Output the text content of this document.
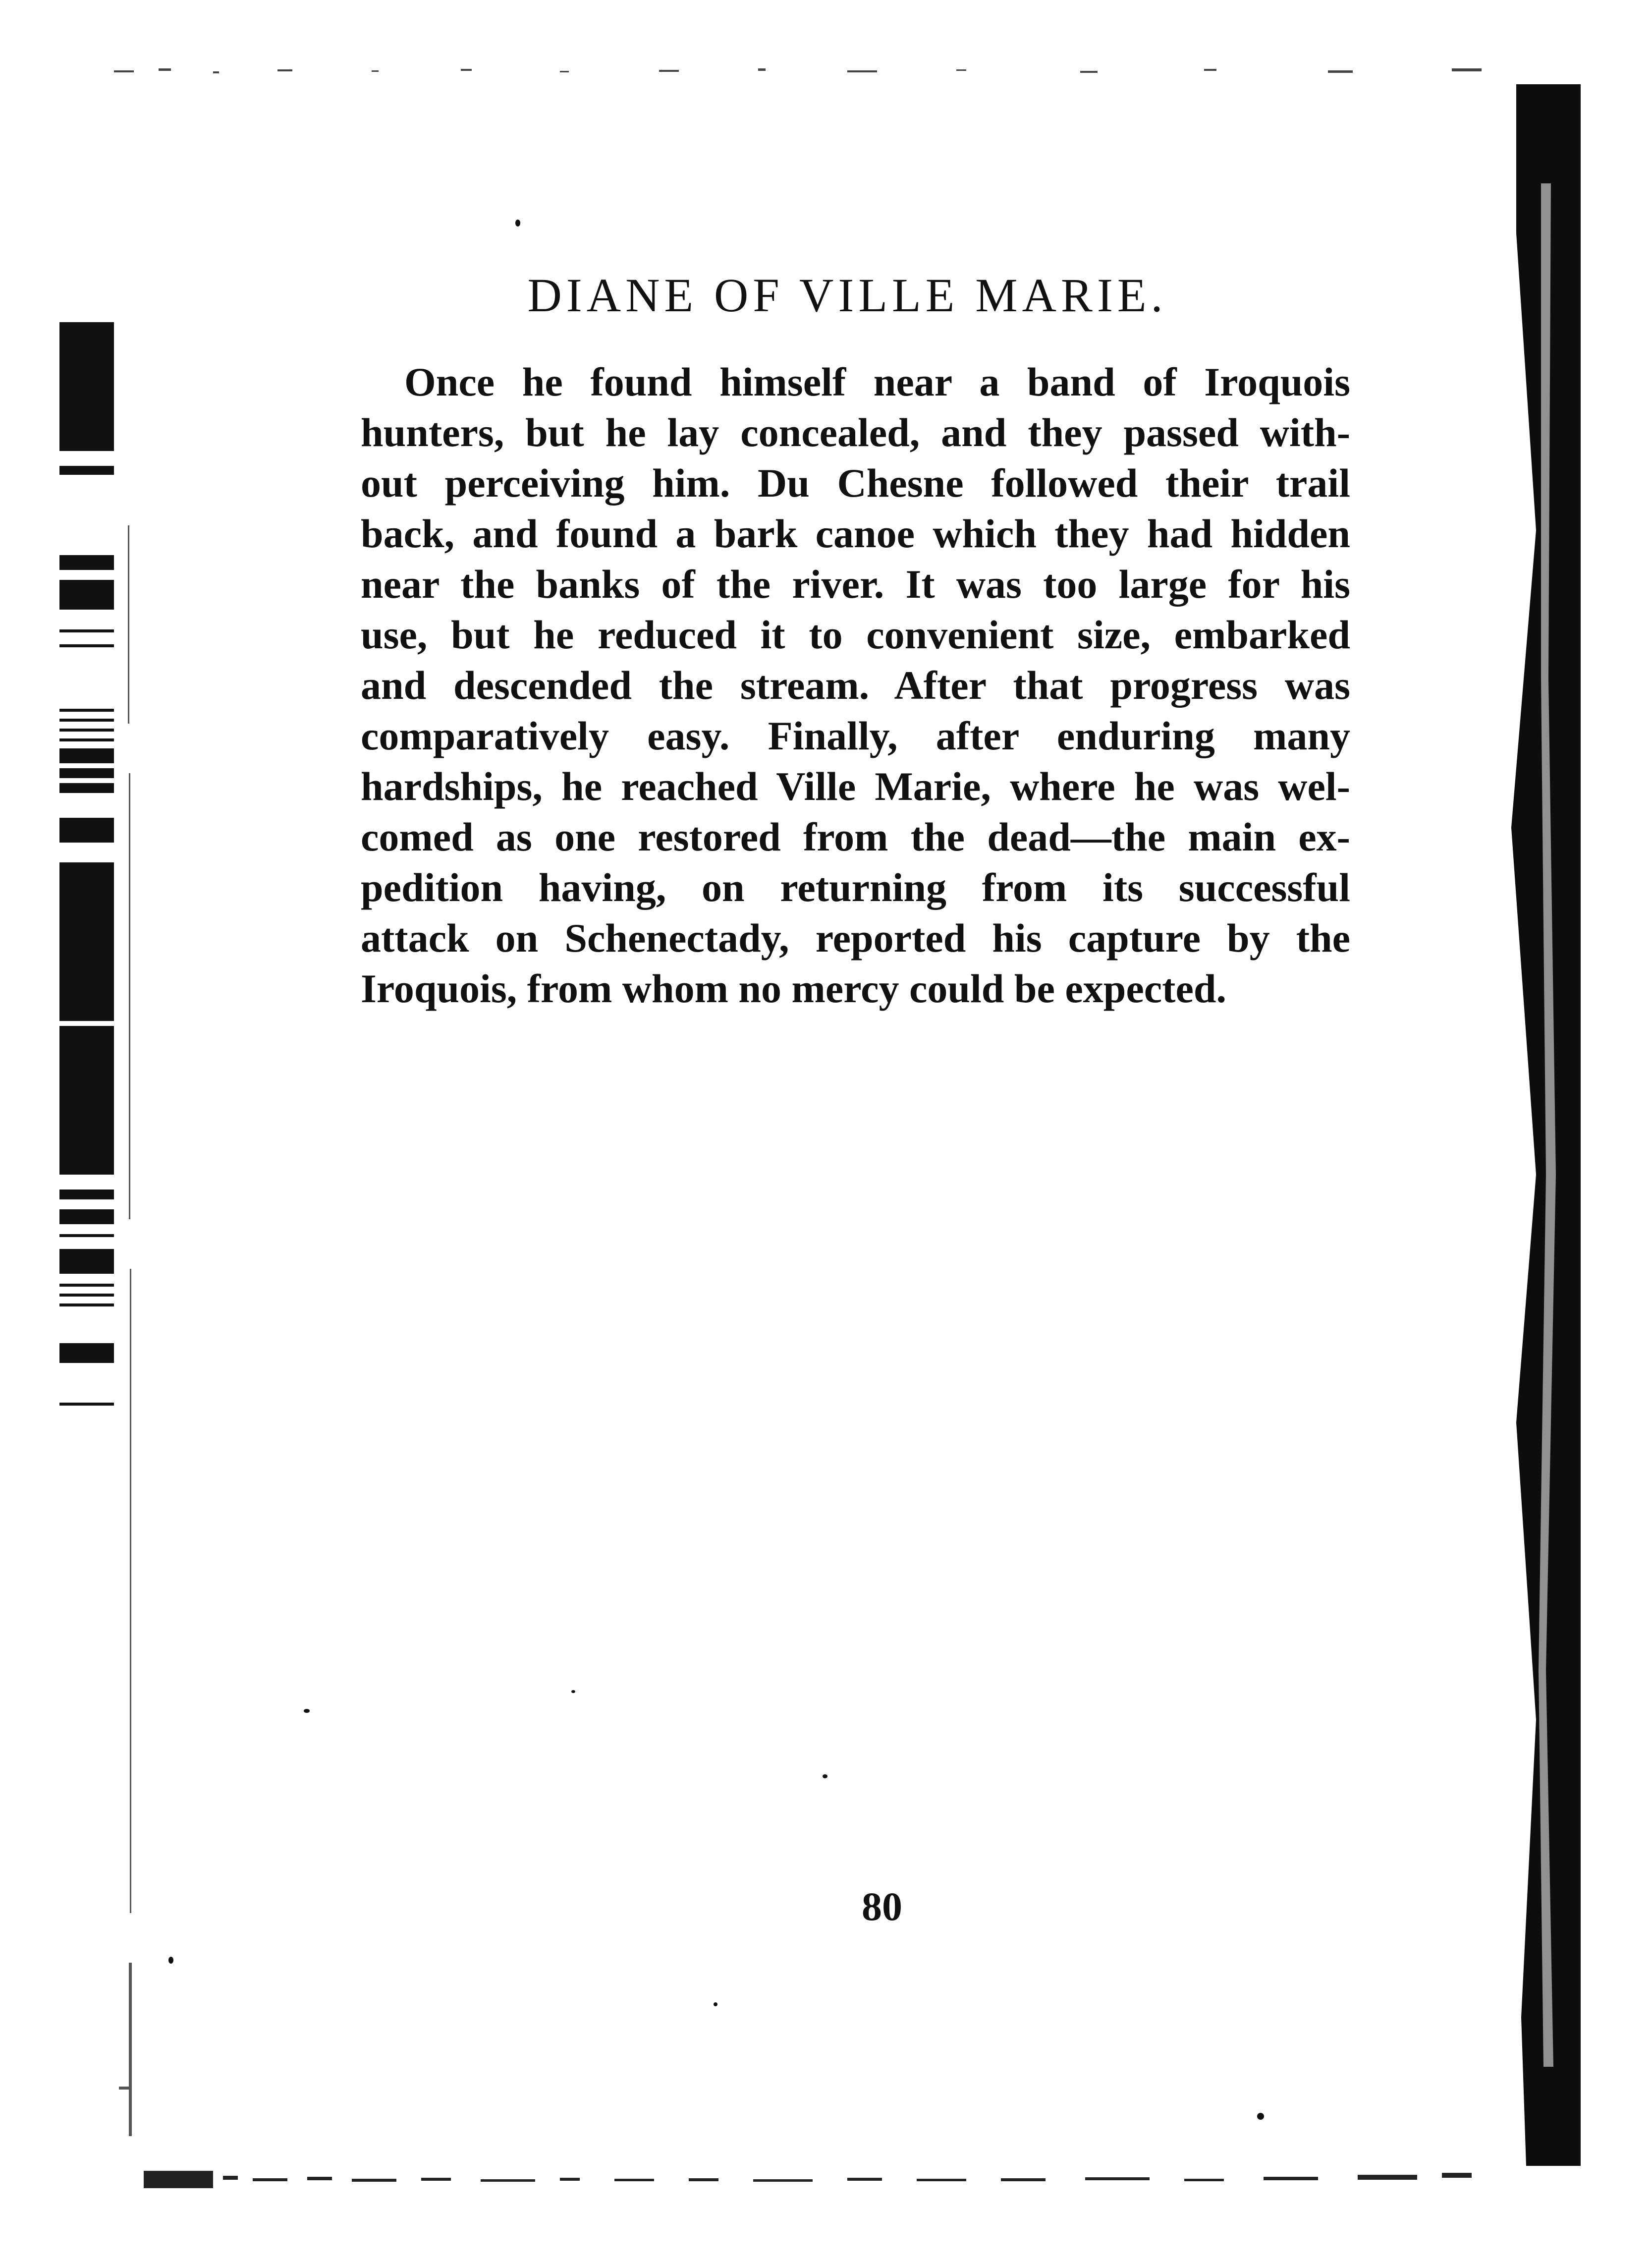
DIANE OF VILLE MARIE.
Once he found himself near a band of Iroquois
hunters, but he lay concealed, and they passed with-
out perceiving him. Du Chesne followed their trail
back, and found a bark canoe which they had hidden
near the banks of the river. It was too large for his
use, but he reduced it to convenient size, embarked
and descended the stream. After that progress was
comparatively easy. Finally, after enduring many
hardships, he reached Ville Marie, where he was wel-
comed as one restored from the dead—the main ex-
pedition having, on returning from its successful
attack on Schenectady, reported his capture by the
Iroquois, from whom no mercy could be expected.
80
